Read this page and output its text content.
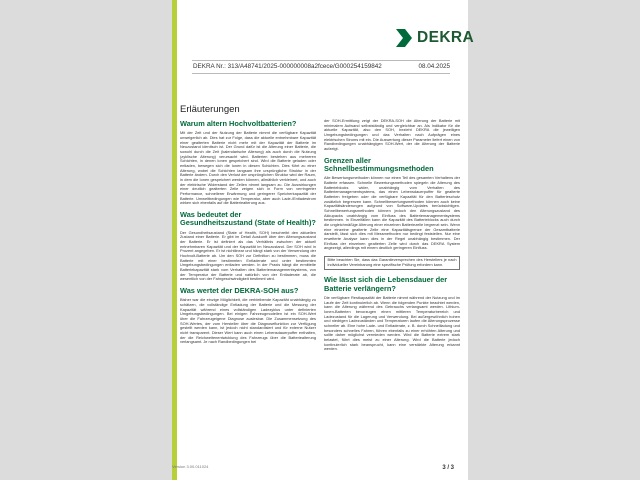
DEKRA
DEKRA Nr.: 313/A48741/2025-000000008a2fcece/G000254159842	08.04.2025
Erläuterungen
Warum altern Hochvoltbatterien?

Mit der Zeit und der Nutzung der Batterie nimmt die verfügbare Kapazität unweigerlich ab. Dies hat zur Folge, dass die aktuelle entnehmbare Kapazität einer gealterten Batterie nicht mehr mit der Kapazität der Batterie im Neuzustand identisch ist. Der Grund dafür ist die Alterung einer Batterie, die sowohl durch die Zeit (kalendarische Alterung) als auch durch die Nutzung (zyklische Alterung) verursacht wird. Batterien bestehen aus mehreren Schichten, in denen Ionen gespeichert sind. Wird die Batterie geladen oder entladen, bewegen sich die Ionen in diesen Schichten. Dies führt zu einer Alterung, wobei die Schichten langsam ihre ursprüngliche Struktur in der Batterie ändern. Durch den Verlust der ursprünglichen Struktur wird der Raum, in dem die Ionen gespeichert werden können, allmählich verkleinert, und auch der elektrische Widerstand der Zellen nimmt langsam zu. Die Auswirkungen einer deutlich gealterten Zelle zeigen sich in Form von verringerter Performance, schnellerer Erwärmung und geringerer Speicherkapazität der Batterie. Umweltbedingungen wie Temperatur, aber auch Lade-/Entladestrom wirken sich ebenfalls auf die Batteriealterung aus.

Was bedeutet der Gesundheitszustand (State of Health)?

Der Gesundheitszustand (State of Health, SOH) beschreibt den aktuellen Zustand einer Batterie. Er gibt im Detail Auskunft über den Alterungszustand der Batterie. Er ist definiert als das Verhältnis zwischen der aktuell entnehmbaren Kapazität und der Kapazität im Neuzustand. Der SOH wird in Prozent angegeben. Er ist nichtlinear und hängt stark von der Verwendung der Hochvolt-Batterie ab. Um den SOH zur Definition zu bestimmen, muss die Batterie mit einer bestimmten Entladerate und unter bestimmten Umgebungsbedingungen entladen werden. In der Praxis hängt die ermittelte Batteriekapazität stark vom Verhalten des Batteriemanagementsystems, von der Temperatur der Batterie und natürlich von der Entladerate ab, die wesentlich von der Fahrgeschwindigkeit bestimmt wird.

Was wertet der DEKRA-SOH aus?

Bisher war die einzige Möglichkeit, die verbleibende Kapazität unabhängig zu schätzen, die vollständige Entladung der Batterie und die Messung der Kapazität während eines vollständigen Ladezyklus unter definierten Umgebungsbedingungen. Bei einigen Fahrzeugmodellen ist ein SOH-Wert über die Fahrzeugeigene Diagnose auslesbar. Die Zusammensetzung des SOH-Wertes, der vom Hersteller über die Diagnoseflunktion zur Verfügung gestellt werden kann, ist jedoch nicht standardisiert und für externe Nutzer nicht transparent. Dieser Wert kann auch einen Lebensdauerpuffer enthalten, der die Reichweitenentwicklung des Fahrzeugs über die Batteriealterung verlangsamt. Je nach Randbedingungen bei

der SOH-Ermittlung zeigt der DEKRA-SOH die Alterung der Batterie mit minimalem Aufwand selbstständig und vergleichbar an. Als Indikator für die aktuelle Kapazität, also den SOH, bezieht DEKRA die jeweiligen Umgebungsbedingungen und das Verhalten nach Aufprägen eines elektrischen Stroms mit ein. Die Auswertung dieser Parameter liefert einen von Randbedingungen unabhängigen SOH-Wert, der die Alterung der Batterie aufzeigt.

Grenzen aller Schnellbestimmungsmethoden

Alle Bewertungsmethoden können nur einen Teil des gesamten Verhaltens der Batterie erfassen. Schnelle Bewertungsmethoden spiegeln die Alterung des Batterieblocks wider, unabhängig vom Verhalten des Batteriemanagementsystems, das einen Lebensdauerpuffer für gealterte Batterien freigeben oder die verfügbare Kapazität für den Batterieschutz zusätzlich begrenzen kann. Schnellbewertungsmethoden können auch keine Kapazitätsänderungen aufgrund von Software-Updates berücksichtigen. Schnellbewertungsmethoden können jedoch den Alterungszustand des Akkupacks unabhängig vom Einfluss des Batteriemanagementsystems bestimmen. In Einzelfällen kann die Kapazität des Batterieblocks auch durch die ungleichmäßige Alterung einer einzelnen Batteriezelle begrenzt sein. Wenn eine einzelne gealterte Zelle eine Kapazitätsgrenze der Gesamtbatterie darstellt, lässt sich dies mit Messmethoden nur bedingt feststellen. Nur eine erweiterte Analyse kann dies in der Regel unabhängig bestimmen. Der Einfluss der einzelnen gealterten Zelle wird durch das DEKRA System angezeigt, allerdings mit einem deutlich geringeren Einfluss.

Bitte beachten Sie, dass das Garantieversprechen des Herstellers je nach individueller Vereinbarung eine spezifische Prüfung erfordern kann.

Wie lässt sich die Lebensdauer der Batterie verlängern?

Die verfügbare Restkapazität der Batterie nimmt während der Nutzung und im Laufe der Zeit kontinuierlich ab. Wenn die folgenden Punkte beachtet werden, kann die Alterung während des Gebrauchs verlangsamt werden. Lithium-Ionen-Batterien bevorzugen einen mittleren Temperaturbereich und Ladezustand für die Lagerung und Verwendung. Bei außergewöhnlich hohen und niedrigen Ladezuständen und Temperaturen laufen die Alterungsprozesse schneller ab. Eine hohe Lade- und Entladerate, z. B. durch Schnellladung und besonders schnelles Fahren, führen ebenfalls zu einer erhöhten Alterung und sollte daher möglichst vermieden werden. Wird die Batterie extrem stark belastet, führt dies meist zu einer Alterung. Wird die Batterie jedoch kontinuierlich stark beansprucht, kann eine verstärkte Alterung erkannt werden.

Version 3.00.011024	3 / 3
